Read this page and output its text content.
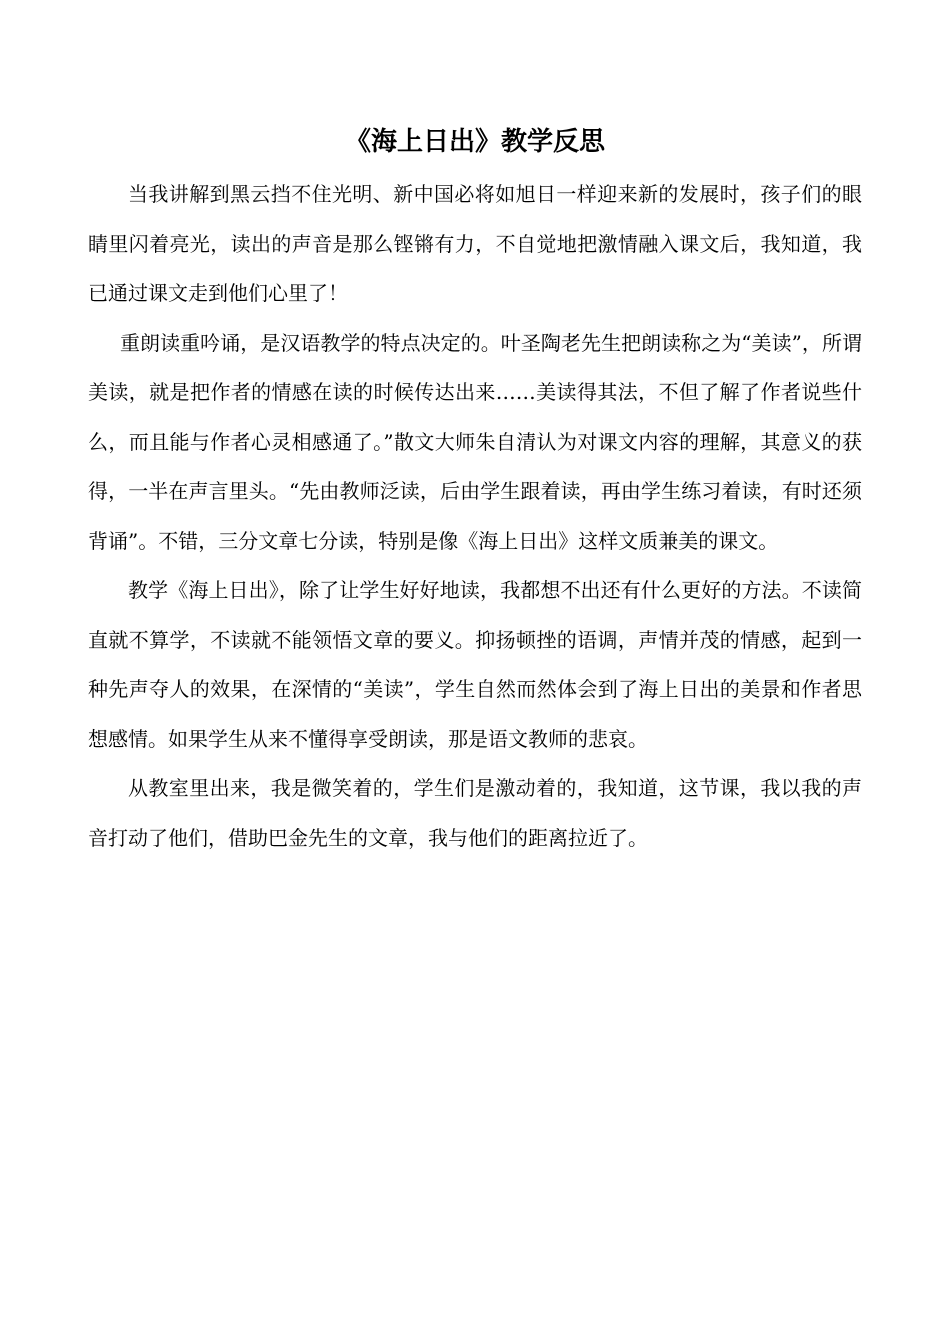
《海上日出》教学反思

当我讲解到黑云挡不住光明、新中国必将如旭日一样迎来新的发展时，孩子们的眼睛里闪着亮光，读出的声音是那么铿锵有力，不自觉地把激情融入课文后，我知道，我已通过课文走到他们心里了！

重朗读重吟诵，是汉语教学的特点决定的。叶圣陶老先生把朗读称之为“美读”，所谓美读，就是把作者的情感在读的时候传达出来……美读得其法，不但了解了作者说些什么，而且能与作者心灵相感通了。”散文大师朱自清认为对课文内容的理解，其意义的获得，一半在声言里头。“先由教师泛读，后由学生跟着读，再由学生练习着读，有时还须背诵”。不错，三分文章七分读，特别是像《海上日出》这样文质兼美的课文。

教学《海上日出》，除了让学生好好地读，我都想不出还有什么更好的方法。不读简直就不算学，不读就不能领悟文章的要义。抑扬顿挫的语调，声情并茂的情感，起到一种先声夺人的效果，在深情的“美读”，学生自然而然体会到了海上日出的美景和作者思想感情。如果学生从来不懂得享受朗读，那是语文教师的悲哀。

从教室里出来，我是微笑着的，学生们是激动着的，我知道，这节课，我以我的声音打动了他们，借助巴金先生的文章，我与他们的距离拉近了。
